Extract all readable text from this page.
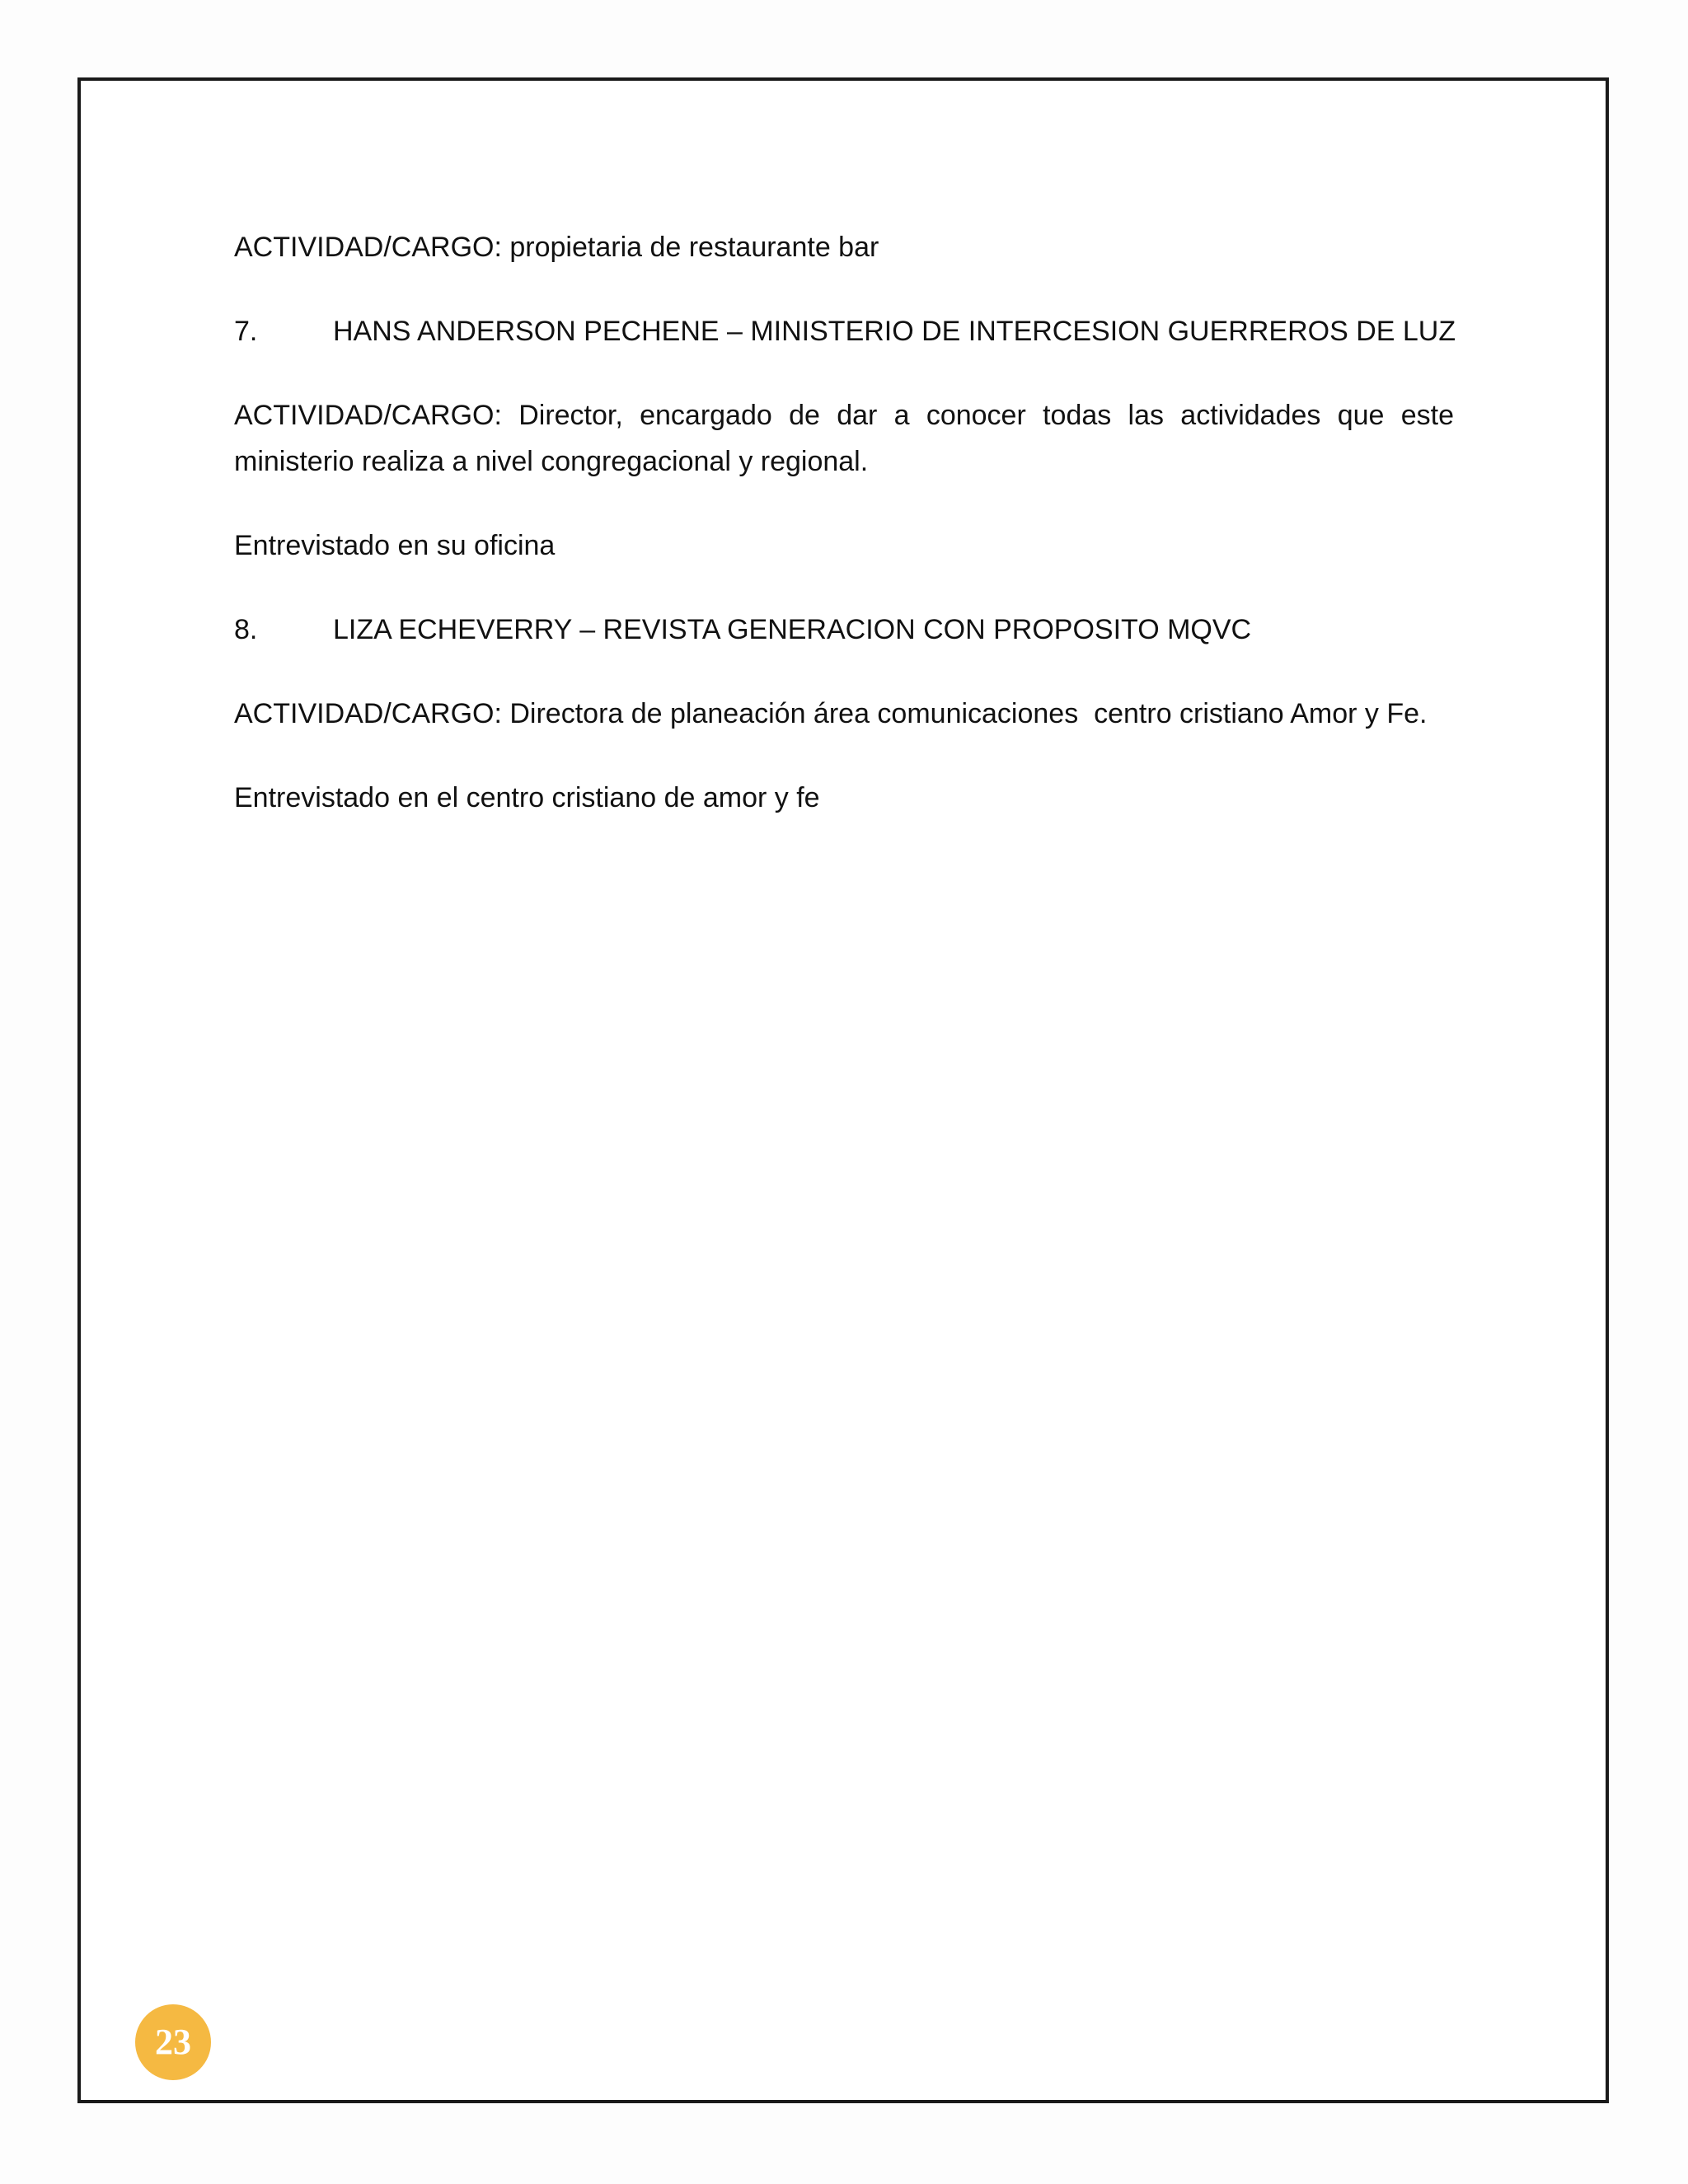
ACTIVIDAD/CARGO: propietaria de restaurante bar

7.	HANS ANDERSON PECHENE – MINISTERIO DE INTERCESION GUERREROS DE LUZ

ACTIVIDAD/CARGO: Director, encargado de dar a conocer todas las actividades que este ministerio realiza a nivel congregacional y regional.

Entrevistado en su oficina

8.	LIZA ECHEVERRY – REVISTA GENERACION CON PROPOSITO MQVC

ACTIVIDAD/CARGO: Directora de planeación área comunicaciones  centro cristiano Amor y Fe.

Entrevistado en el centro cristiano de amor y fe

23
